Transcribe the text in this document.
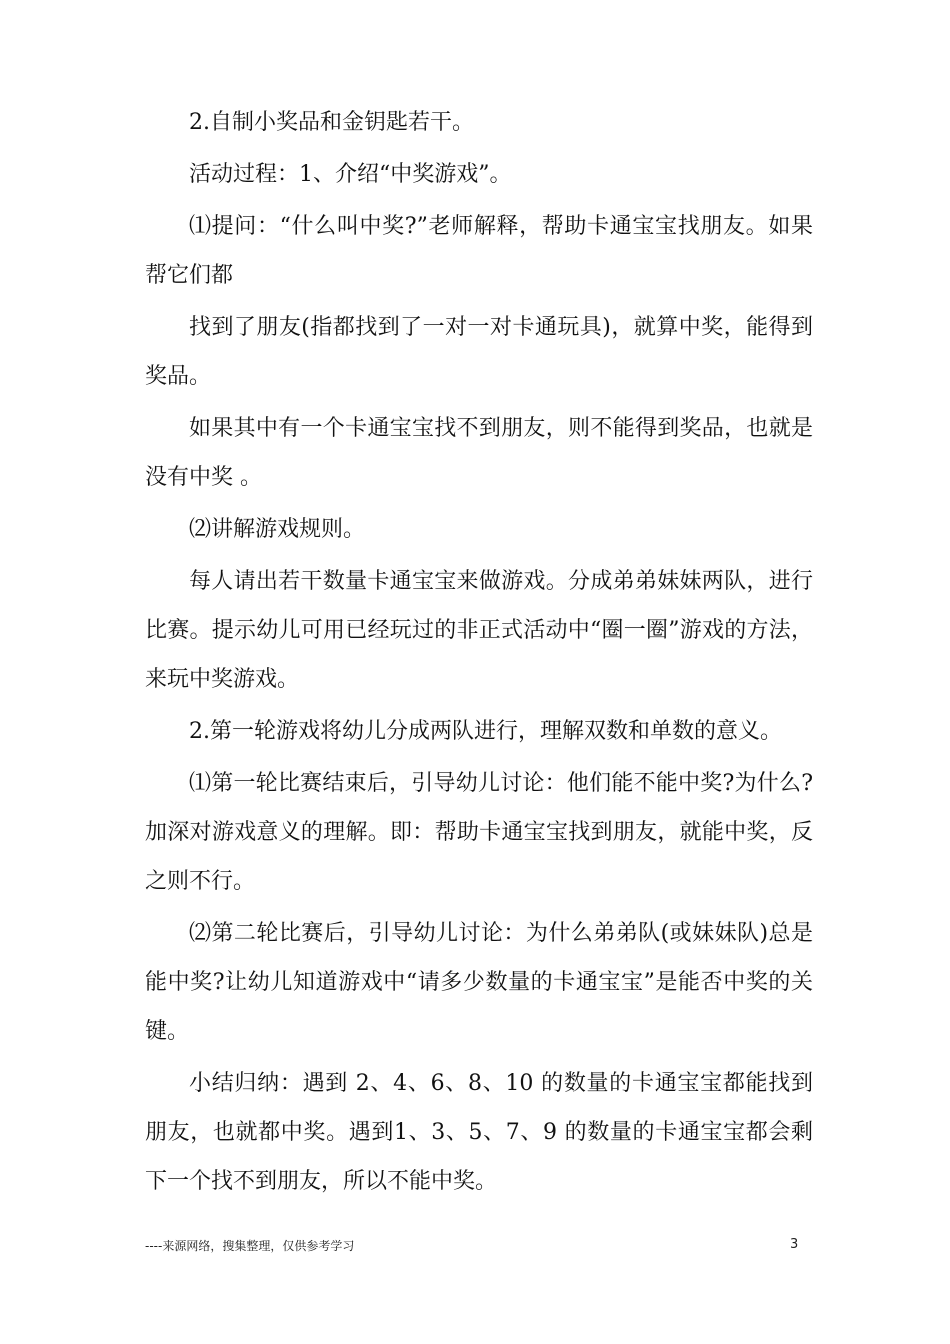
2.自制小奖品和金钥匙若干。

活动过程：1、介绍“中奖游戏”。

⑴提问：“什么叫中奖?”老师解释，帮助卡通宝宝找朋友。如果帮它们都

找到了朋友(指都找到了一对一对卡通玩具)，就算中奖，能得到奖品。

如果其中有一个卡通宝宝找不到朋友，则不能得到奖品，也就是没有中奖 。

⑵讲解游戏规则。

每人请出若干数量卡通宝宝来做游戏。分成弟弟妹妹两队，进行比赛。提示幼儿可用已经玩过的非正式活动中“圈一圈”游戏的方法，来玩中奖游戏。

2.第一轮游戏将幼儿分成两队进行，理解双数和单数的意义。

⑴第一轮比赛结束后，引导幼儿讨论：他们能不能中奖?为什么?加深对游戏意义的理解。即：帮助卡通宝宝找到朋友，就能中奖，反之则不行。

⑵第二轮比赛后，引导幼儿讨论：为什么弟弟队(或妹妹队)总是能中奖?让幼儿知道游戏中“请多少数量的卡通宝宝”是能否中奖的关键。

小结归纳：遇到 2、4、6、8、10 的数量的卡通宝宝都能找到朋友，也就都中奖。遇到1、3、5、7、9 的数量的卡通宝宝都会剩下一个找不到朋友，所以不能中奖。

----来源网络，搜集整理，仅供参考学习	3
